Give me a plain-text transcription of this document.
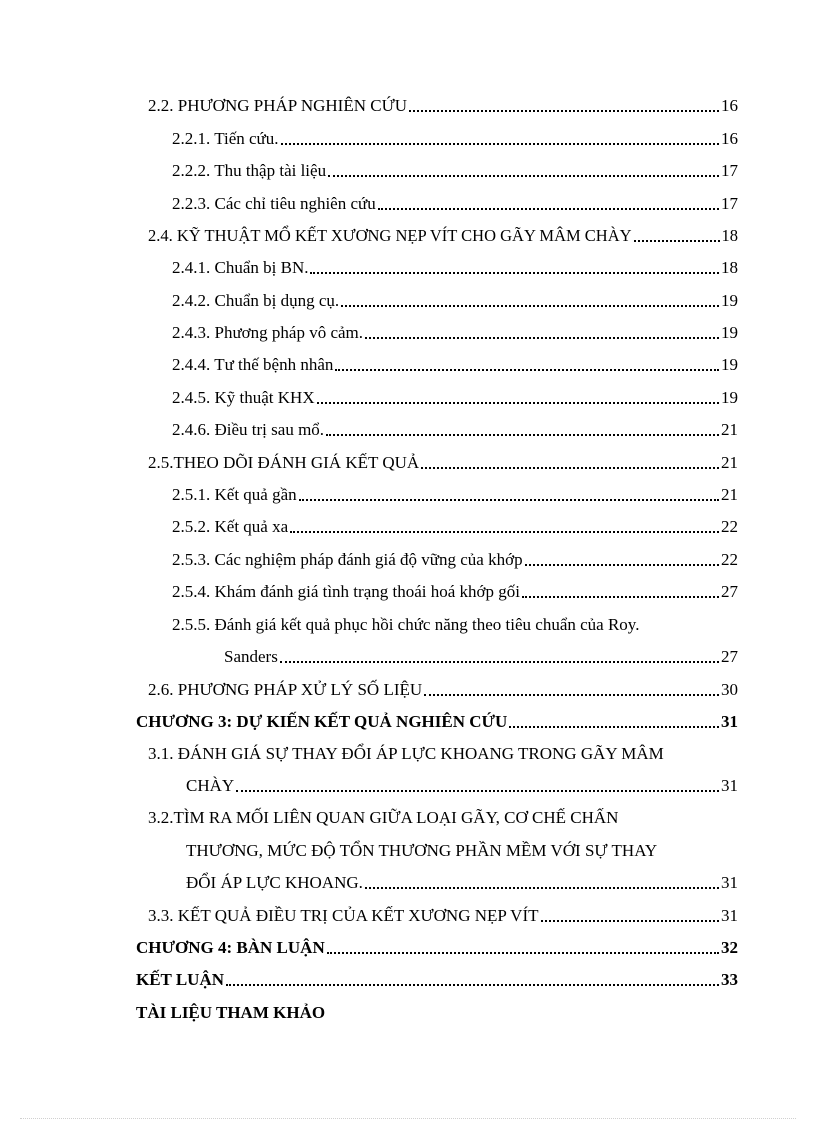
2.2. PHƯƠNG PHÁP NGHIÊN CỨU	16
2.2.1. Tiến cứu.	16
2.2.2. Thu thập tài liệu	17
2.2.3. Các chỉ tiêu nghiên cứu	17
2.4. KỸ THUẬT MỔ KẾT XƯƠNG NẸP VÍT CHO GÃY MÂM CHÀY	18
2.4.1. Chuẩn bị BN.	18
2.4.2. Chuẩn bị dụng cụ.	19
2.4.3. Phương pháp vô cảm.	19
2.4.4. Tư thế bệnh nhân	19
2.4.5. Kỹ thuật KHX	19
2.4.6. Điều trị sau mổ.	21
2.5.THEO DÕI ĐÁNH GIÁ KẾT QUẢ	21
2.5.1. Kết quả gần	21
2.5.2. Kết quả xa	22
2.5.3. Các nghiệm pháp đánh giá độ vững của khớp	22
2.5.4. Khám đánh giá tình trạng thoái hoá khớp gối	27
2.5.5. Đánh giá kết quả phục hồi chức năng theo tiêu chuẩn của Roy.
Sanders	27
2.6. PHƯƠNG PHÁP XỬ LÝ SỐ LIỆU	30
CHƯƠNG 3: DỰ KIẾN KẾT QUẢ NGHIÊN CỨU	31
3.1. ĐÁNH GIÁ SỰ THAY ĐỔI ÁP LỰC KHOANG TRONG GÃY MÂM
CHÀY	31
3.2.TÌM RA MỐI LIÊN QUAN GIỮA LOẠI GÃY, CƠ CHẾ CHẤN
THƯƠNG, MỨC ĐỘ TỔN THƯƠNG PHẦN MỀM VỚI SỰ THAY
ĐỔI ÁP LỰC KHOANG.	31
3.3. KẾT QUẢ ĐIỀU TRỊ CỦA KẾT XƯƠNG NẸP VÍT	31
CHƯƠNG 4: BÀN LUẬN	32
KẾT LUẬN	33
TÀI LIỆU THAM KHẢO
